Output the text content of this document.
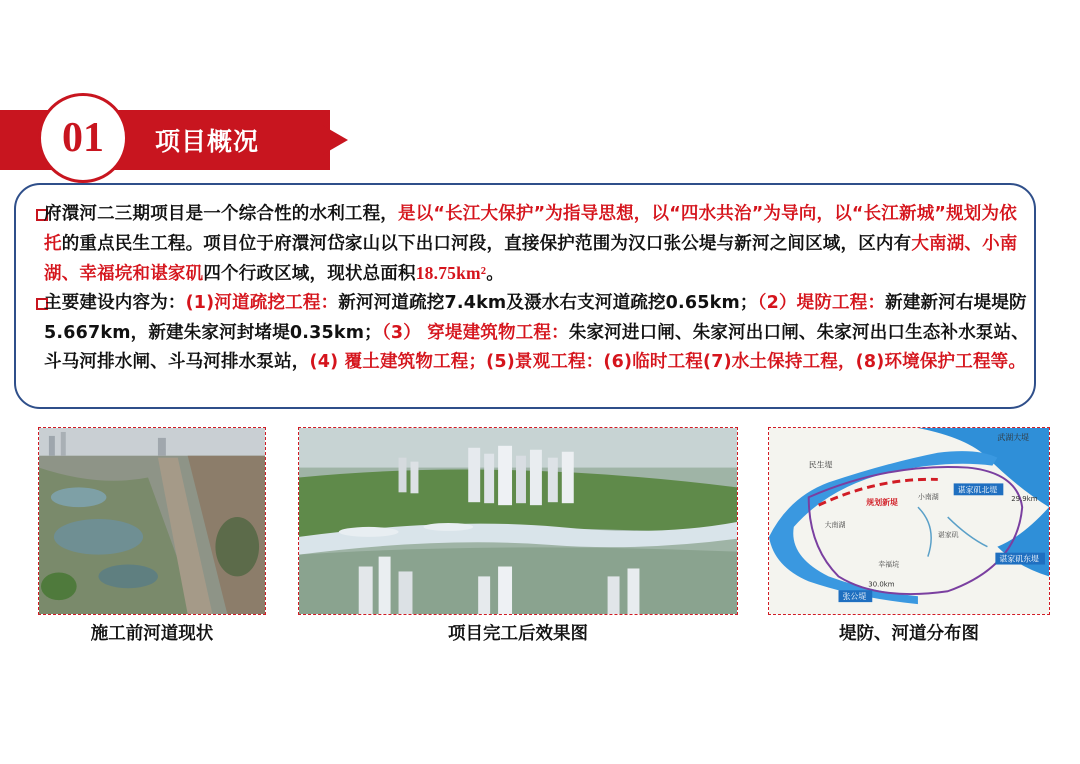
01 项目概况
府澴河二三期项目是一个综合性的水利工程，是以“长江大保护”为指导思想，以“四水共治”为导向，以“长江新城”规划为依托的重点民生工程。项目位于府澴河岱家山以下出口河段，直接保护范围为汉口张公堤与新河之间区域，区内有大南湖、小南湖、幸福垸和谌家矶四个行政区域，现状总面积18.75km²。
主要建设内容为：(1)河道疏挖工程：新河河道疏挖7.4km及滠水右支河道疏挖0.65km；（2）堤防工程：新建新河右堤堤防5.667km，新建朱家河封堵堤0.35km；（3） 穿堤建筑物工程：朱家河进口闸、朱家河出口闸、朱家河出口生态补水泵站、斗马河排水闸、斗马河排水泵站，(4) 覆土建筑物工程；(5)景观工程：(6)临时工程(7)水土保持工程，(8)环境保护工程等。
施工前河道现状	项目完工后效果图
民生堤
武湖大堤
谌家矶北堤
谌家矶东堤
张公堤
规划新堤
大南湖
小南湖
幸福垸
谌家矶
29.9km
30.0km
堤防、河道分布图
